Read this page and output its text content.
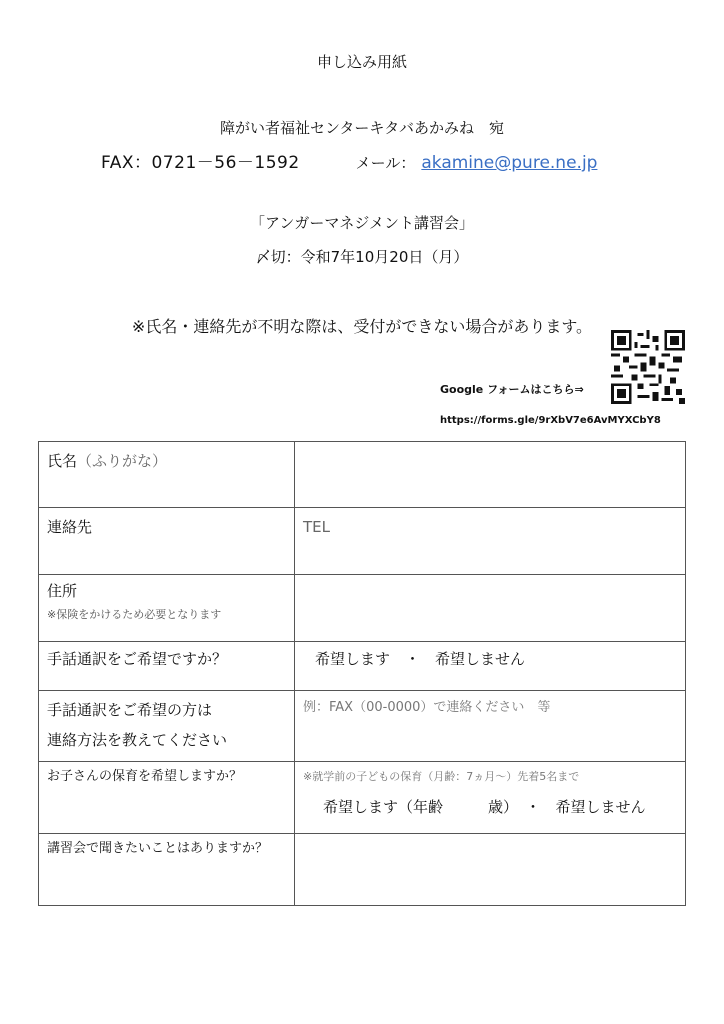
申し込み用紙
障がい者福祉センターキタバあかみね　宛
FAX：0721－56－1592	メール： akamine@pure.ne.jp
「アンガーマネジメント講習会」
〆切：令和7年10月20日（月）
※氏名・連絡先が不明な際は、受付ができない場合があります。
Google フォームはこちら⇒
https://forms.gle/9rXbV7e6AvMYXCbY8
氏名（ふりがな）	

連絡先	TEL

住所
※保険をかけるため必要となります	

手話通訳をご希望ですか？	希望します　・　希望しません

手話通訳をご希望の方は
連絡方法を教えてください	例：FAX（00-0000）で連絡ください　等

お子さんの保育を希望しますか？	※就学前の子どもの保育（月齢：7ヵ月～）先着5名まで
希望します（年齢　　　歳）　・　希望しません

講習会で聞きたいことはありますか？	
